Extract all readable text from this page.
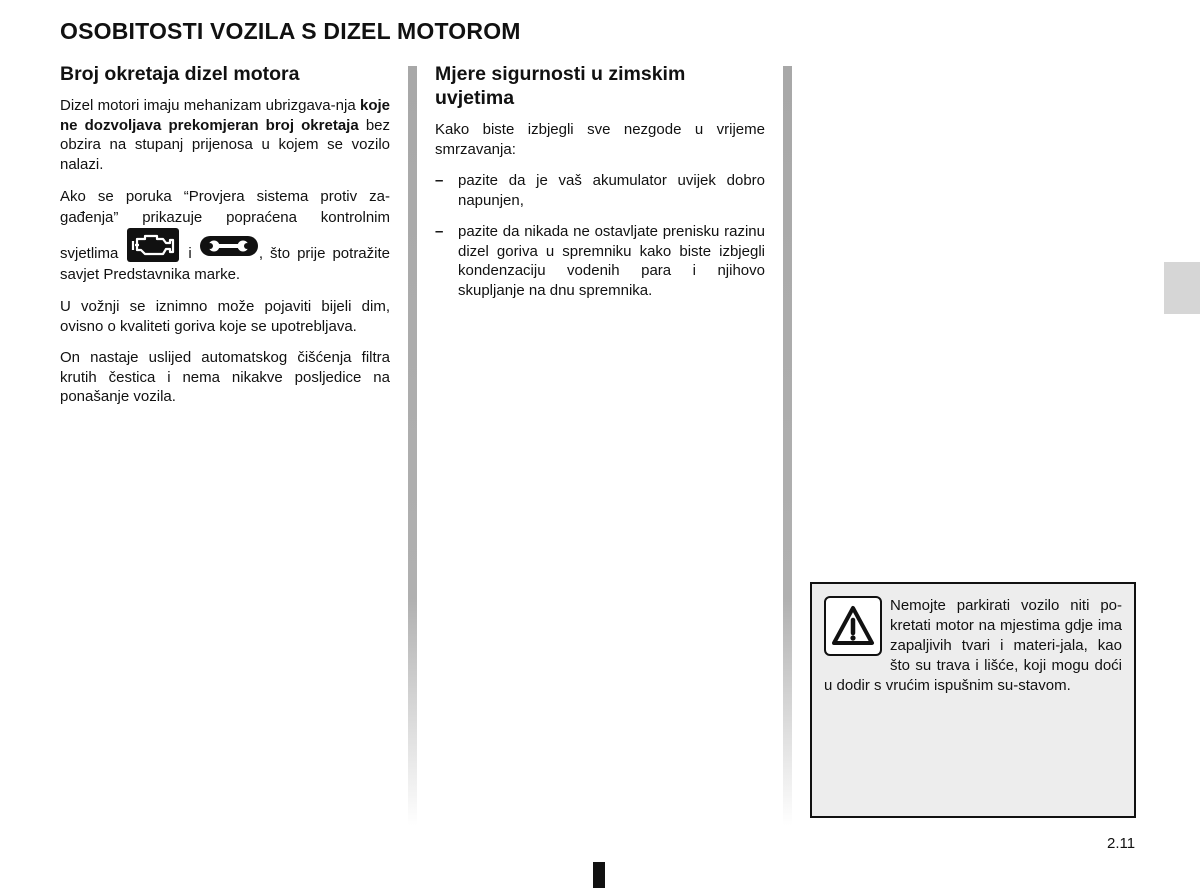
OSOBITOSTI VOZILA S DIZEL MOTOROM
Broj okretaja dizel motora

Dizel motori imaju mehanizam ubrizgava-nja koje ne dozvoljava prekomjeran broj okretaja bez obzira na stupanj prijenosa u kojem se vozilo nalazi.

Ako se poruka “Provjera sistema protiv za-gađenja” prikazuje popraćena kontrolnim svjetlima	i	, što prije potražite savjet Predstavnika marke.

U vožnji se iznimno može pojaviti bijeli dim, ovisno o kvaliteti goriva koje se upotrebljava.

On nastaje uslijed automatskog čišćenja filtra krutih čestica i nema nikakve posljedice na ponašanje vozila.

Mjere sigurnosti u zimskim uvjetima

Kako biste izbjegli sve nezgode u vrijeme smrzavanja:

– pazite da je vaš akumulator uvijek dobro napunjen,
– pazite da nikada ne ostavljate prenisku razinu dizel goriva u spremniku kako biste izbjegli kondenzaciju vodenih para i njihovo skupljanje na dnu spremnika.

Nemojte parkirati vozilo niti po-kretati motor na mjestima gdje ima zapaljivih tvari i materi-jala, kao što su trava i lišće, koji mogu doći u dodir s vrućim ispušnim su-stavom.

2.11
